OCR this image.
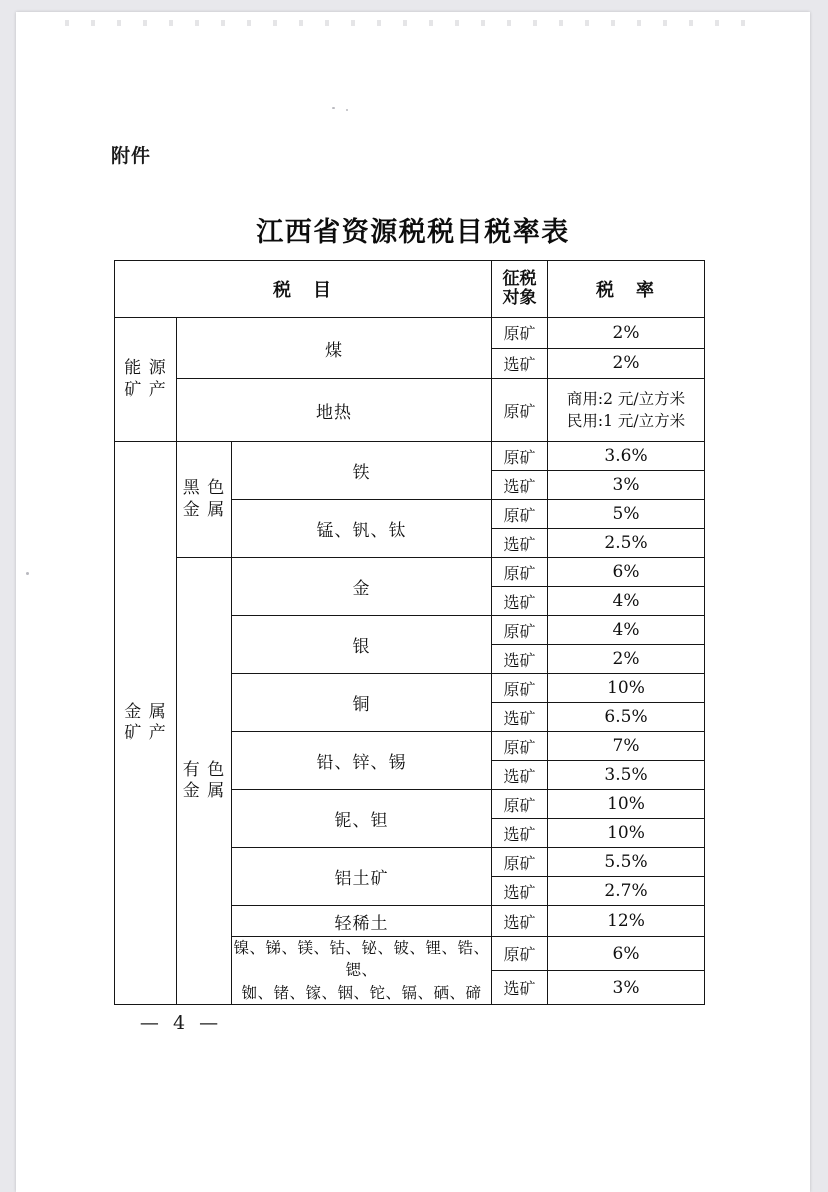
附件
江西省资源税税目税率表
税　目			征税
对象	税　率

能 源
矿 产	煤		原矿	2%
			选矿	2%
	地热		原矿	商用:2 元/立方米
民用:1 元/立方米

金 属
矿 产	黑 色
金 属	铁	原矿	3.6%
			选矿	3%
		锰、钒、钛	原矿	5%
			选矿	2.5%

	有 色
金 属	金	原矿	6%
			选矿	4%
		银	原矿	4%
			选矿	2%
		铜	原矿	10%
			选矿	6.5%
		铅、锌、锡	原矿	7%
			选矿	3.5%
		铌、钽	原矿	10%
			选矿	10%
		铝土矿	原矿	5.5%
			选矿	2.7%
		轻稀土	选矿	12%

		镍、锑、镁、钴、铋、铍、锂、锆、锶、
铷、锗、镓、铟、铊、镉、硒、碲	原矿	6%
			选矿	3%
— 4 —
